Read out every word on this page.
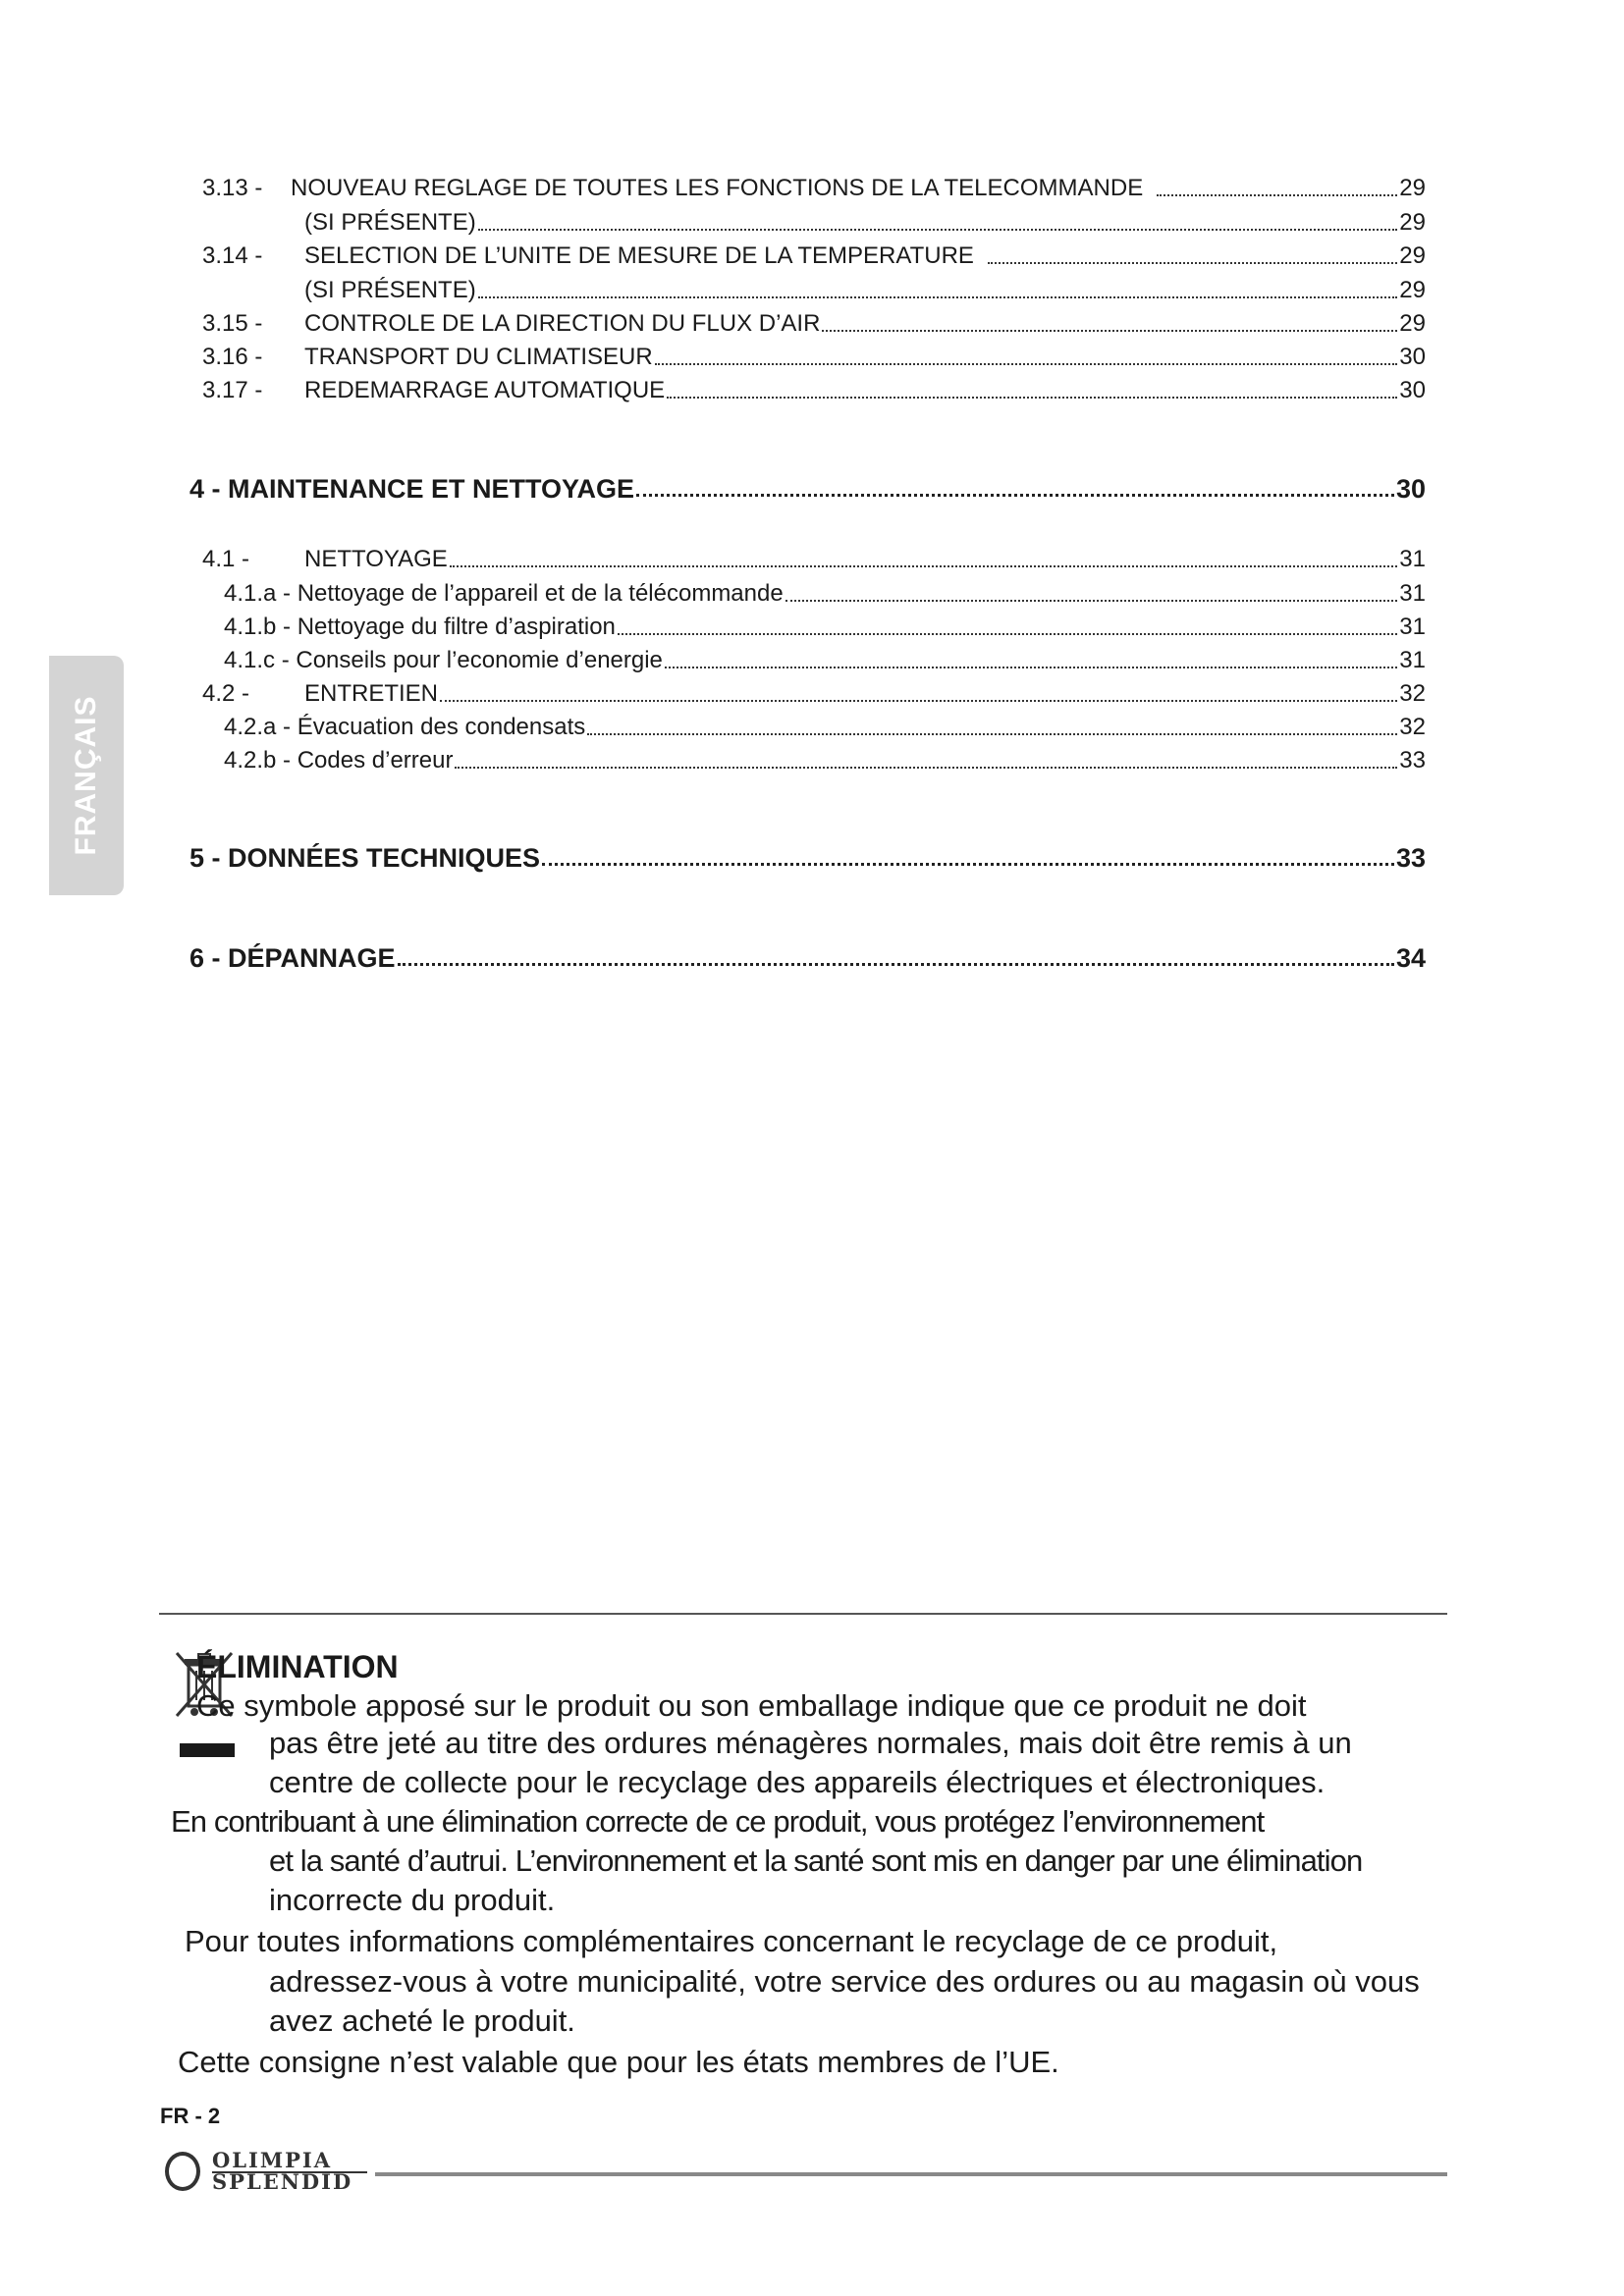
FRANÇAIS
3.13 -	NOUVEAU REGLAGE DE TOUTES LES FONCTIONS DE LA TELECOMMANDE	29
(SI PRÉSENTE)	29
3.14 -	SELECTION DE L’UNITE DE MESURE DE LA TEMPERATURE	29
(SI PRÉSENTE)	29
3.15 -	CONTROLE DE LA DIRECTION DU FLUX D’AIR	29
3.16 -	TRANSPORT DU CLIMATISEUR	30
3.17 -	REDEMARRAGE AUTOMATIQUE	30
4 - MAINTENANCE ET NETTOYAGE	30
4.1 -	NETTOYAGE	31
4.1.a - Nettoyage de l’appareil et de la télécommande	31
4.1.b - Nettoyage du filtre d’aspiration	31
4.1.c - Conseils pour l’economie d’energie	31
4.2 -	ENTRETIEN	32
4.2.a - Évacuation des condensats	32
4.2.b - Codes d’erreur	33
5 - DONNÉES TECHNIQUES	33
6 - DÉPANNAGE	34
ÉLIMINATION
Ce symbole apposé sur le produit ou son emballage indique que ce produit ne doit
pas être jeté au titre des ordures ménagères normales, mais doit être remis à un
centre de collecte pour le recyclage des appareils électriques et électroniques.
En contribuant à une élimination correcte de ce produit, vous protégez l’environnement
et la santé d’autrui. L’environnement et la santé sont mis en danger par une élimination
incorrecte du produit.
Pour toutes informations complémentaires concernant le recyclage de ce produit,
adressez-vous à votre municipalité, votre service des ordures ou au magasin où vous
avez acheté le produit.
Cette consigne n’est valable que pour les états membres de l’UE.
FR - 2
OLIMPIA
SPLENDID
